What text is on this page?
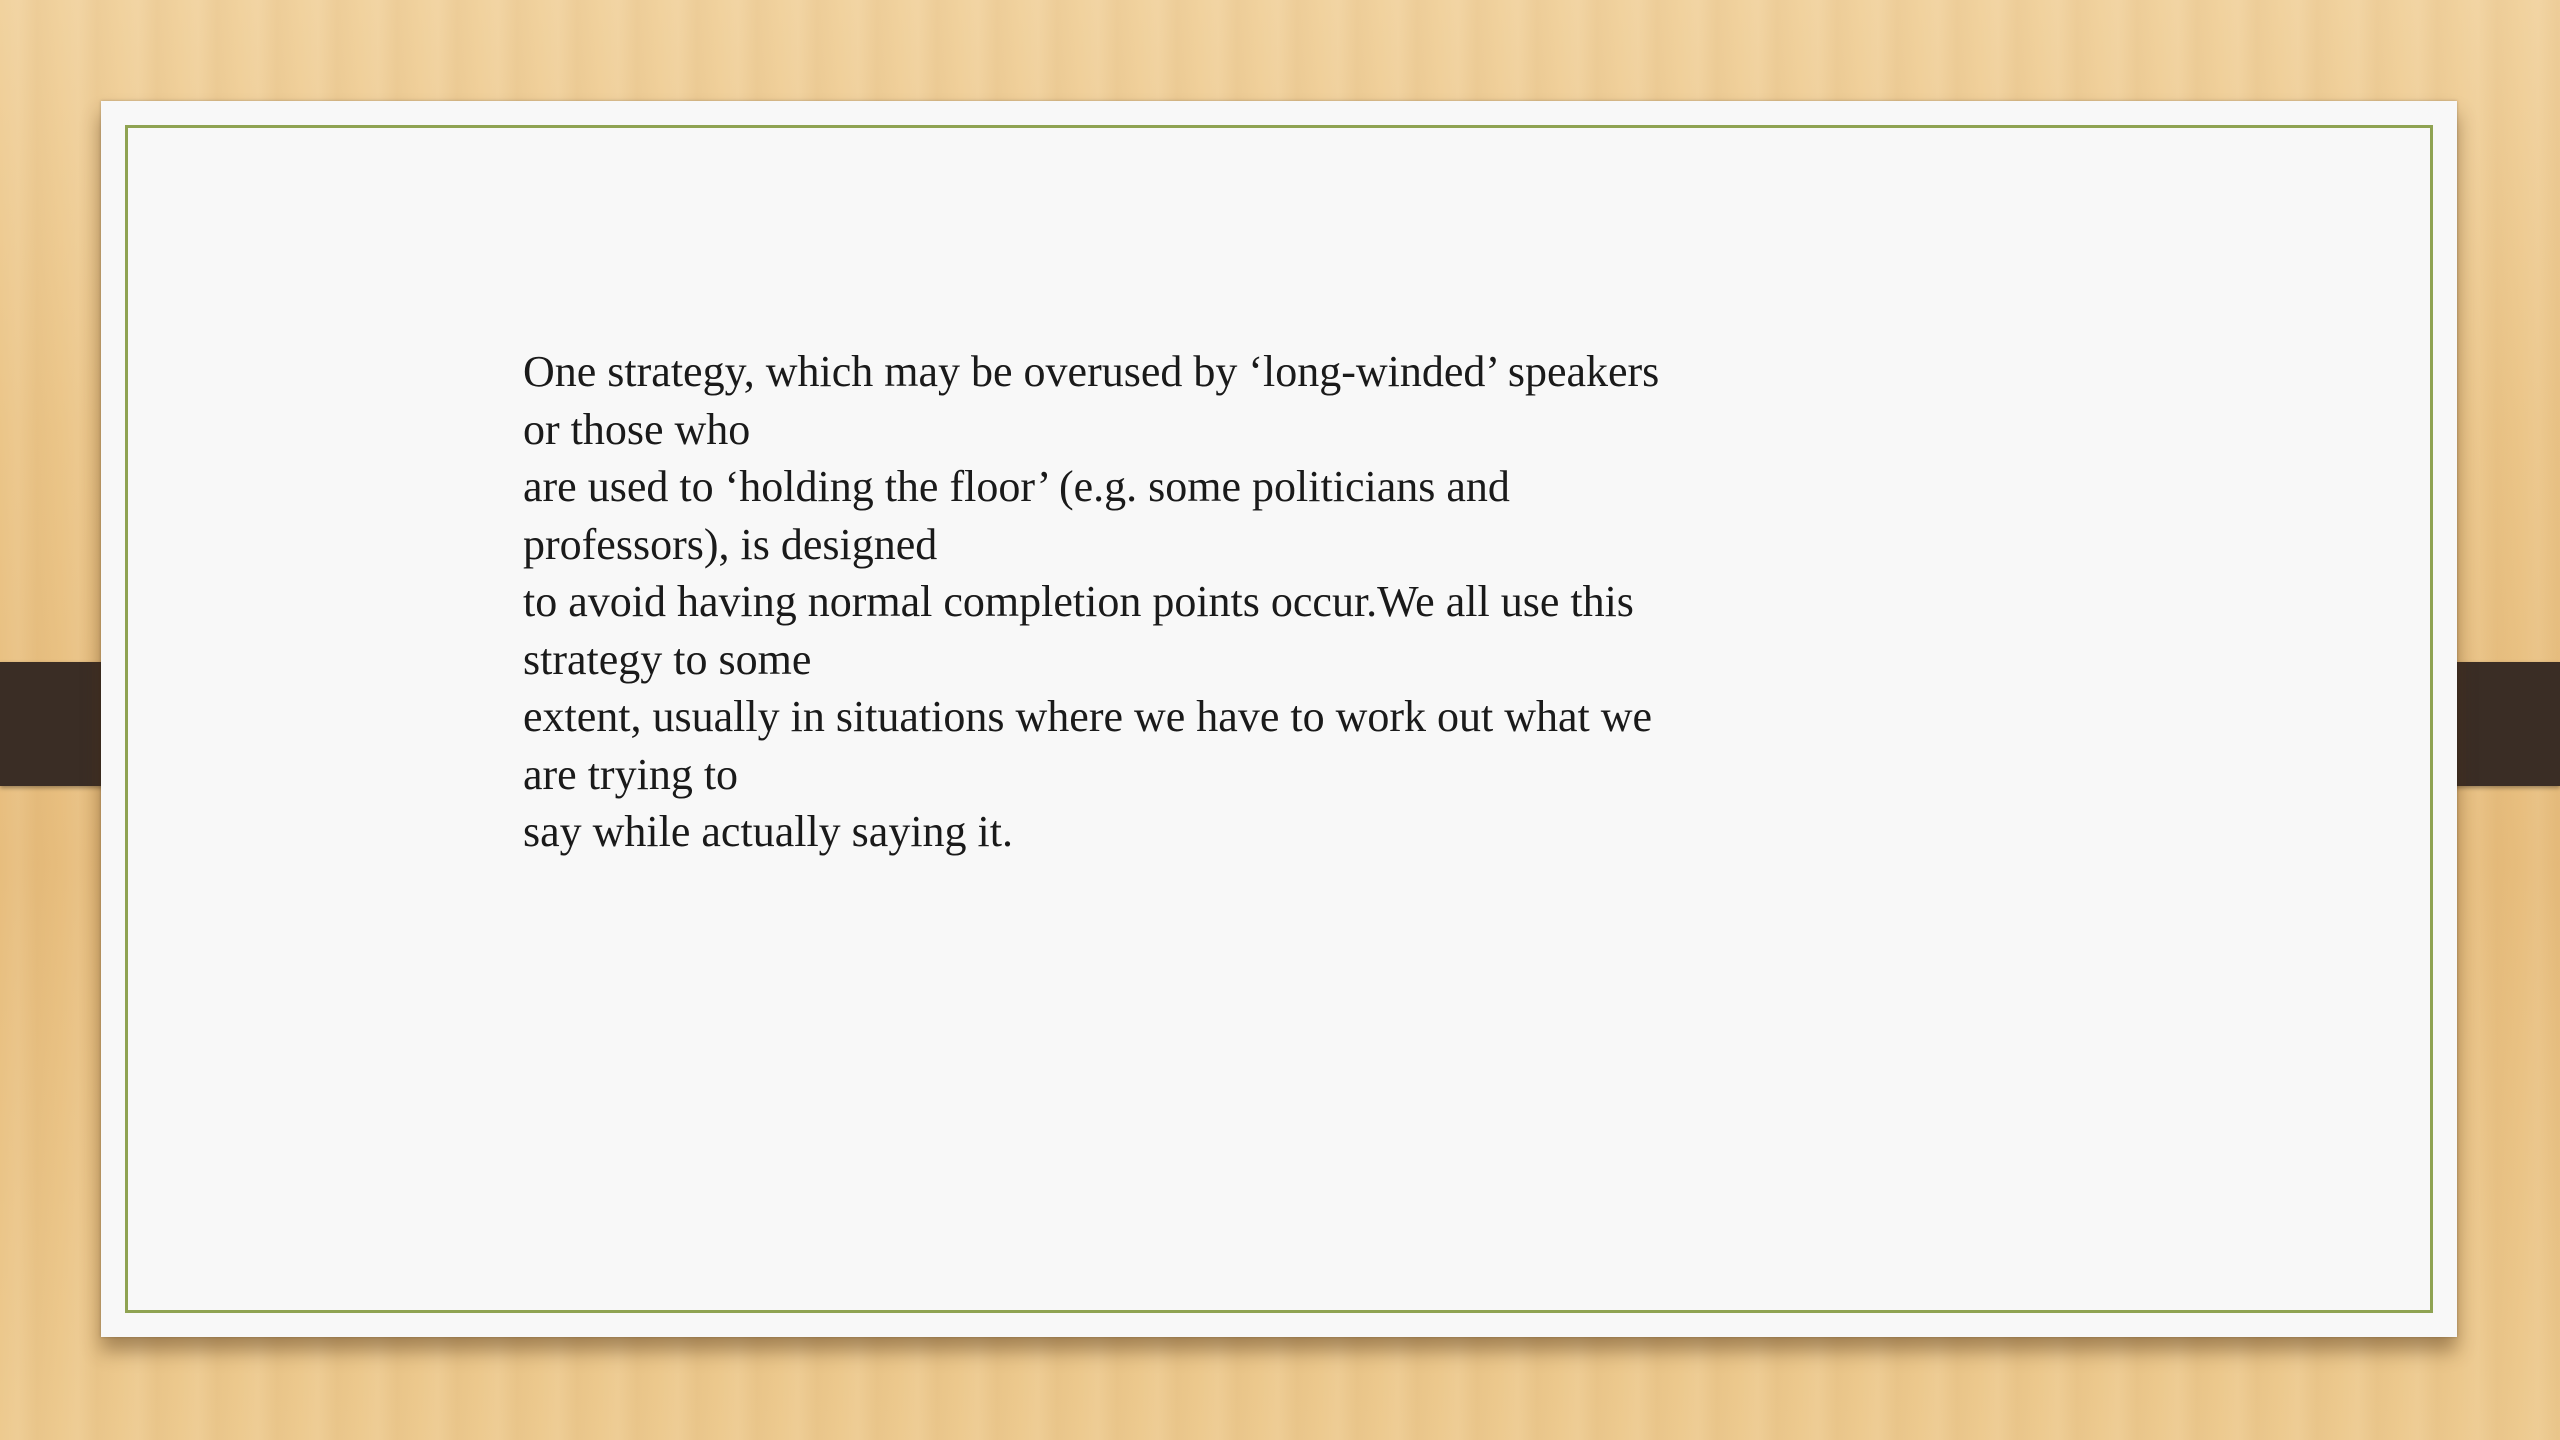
One strategy, which may be overused by ‘long-winded’ speakers
or those who
are used to ‘holding the floor’ (e.g. some politicians and
professors), is designed
to avoid having normal completion points occur.We all use this
strategy to some
extent, usually in situations where we have to work out what we
are trying to
say while actually saying it.
